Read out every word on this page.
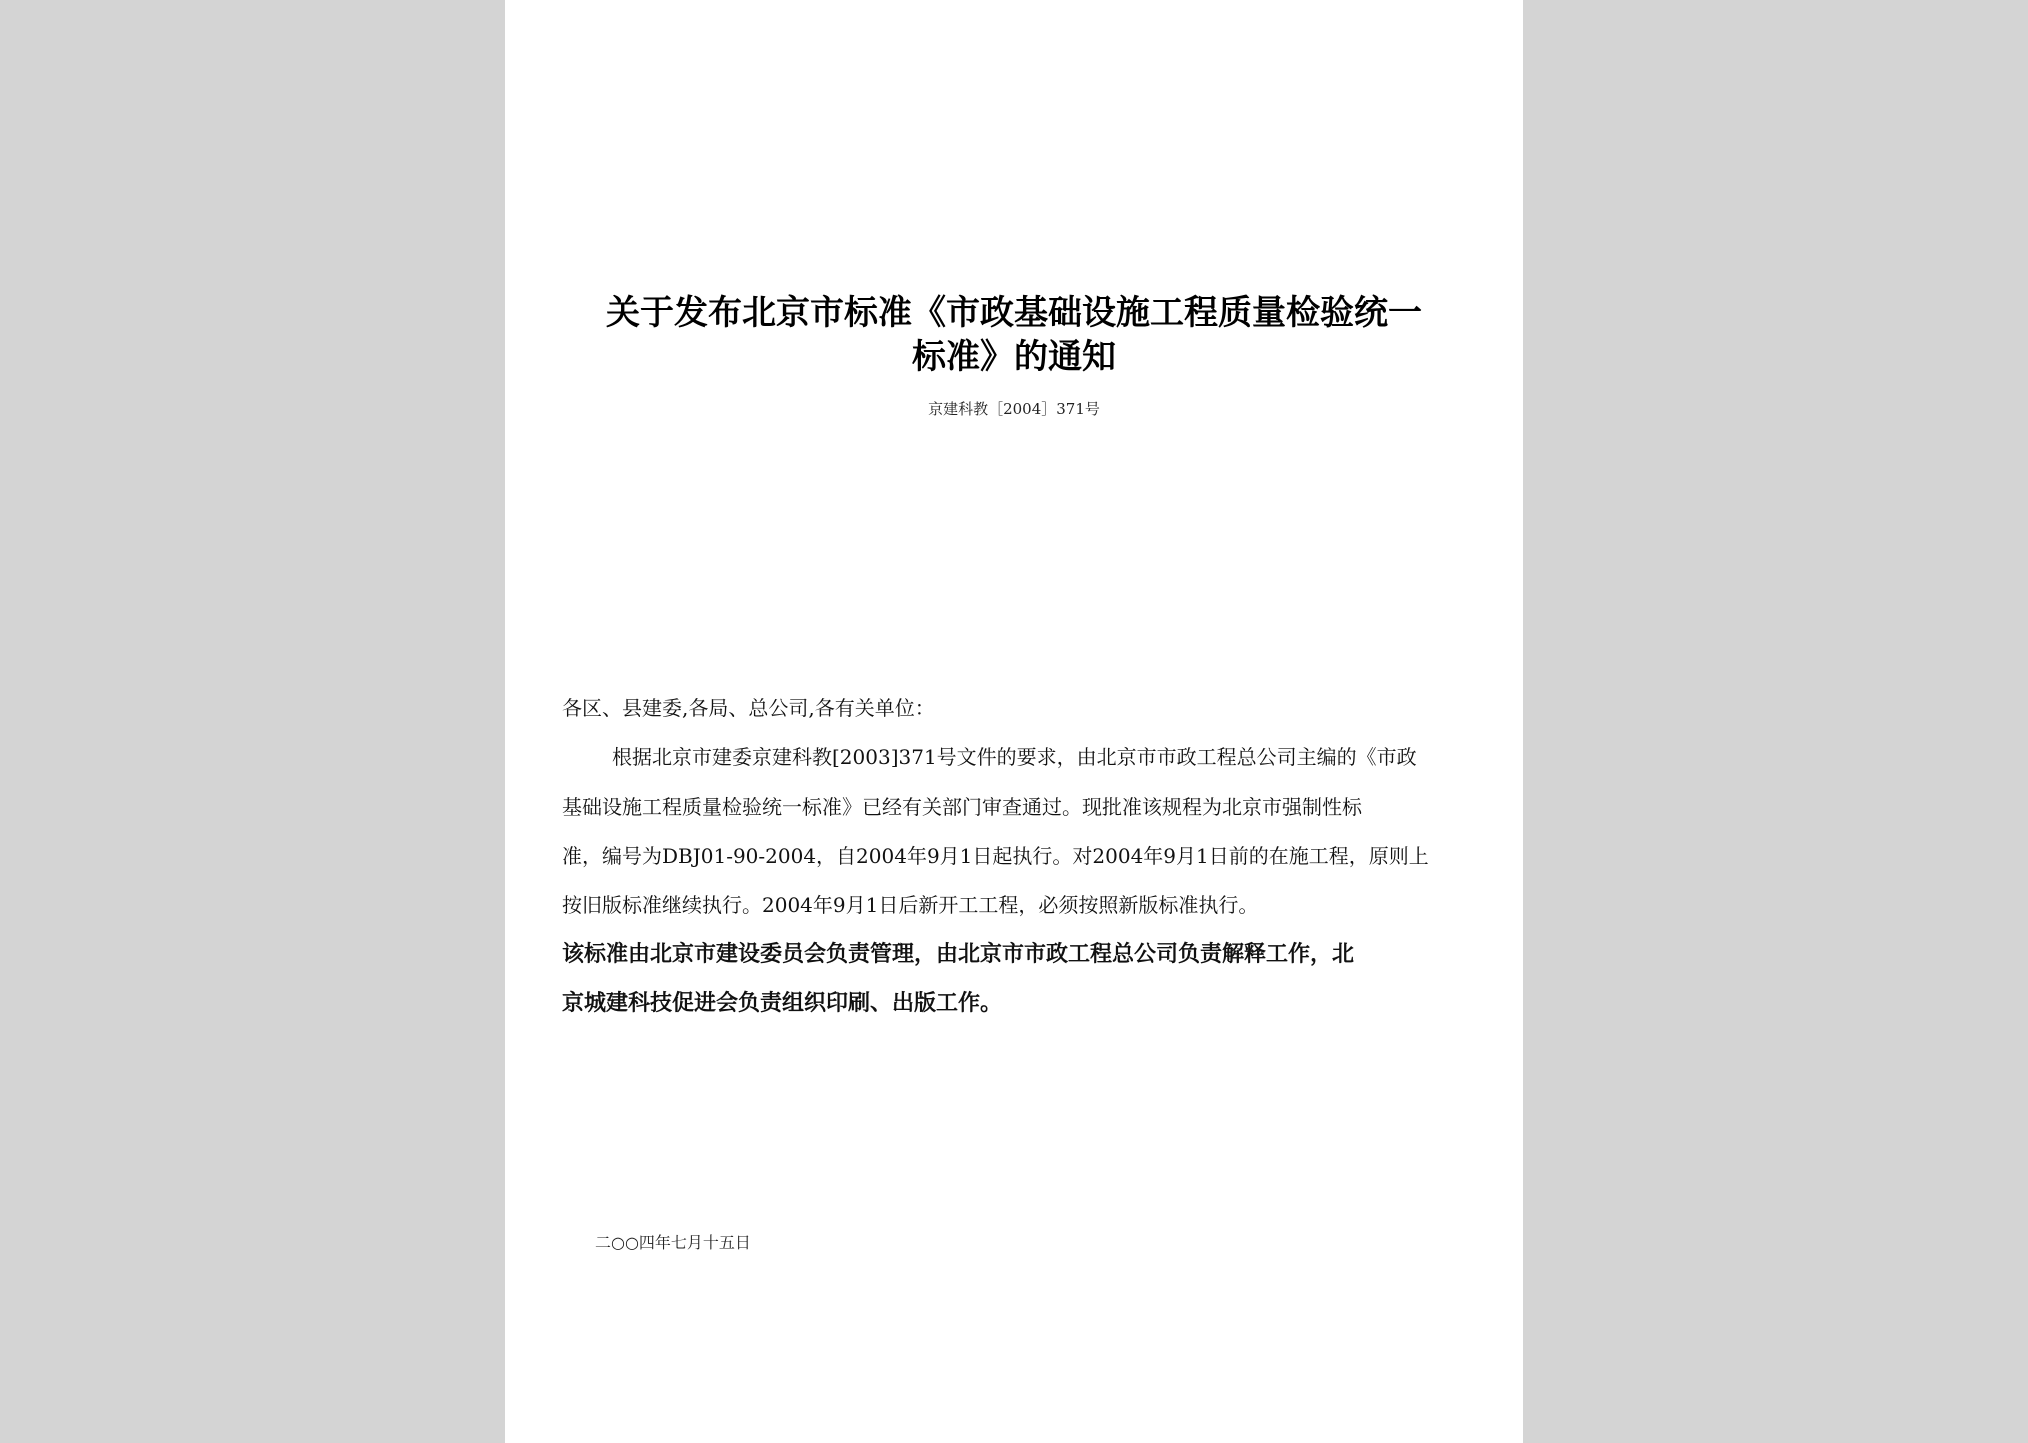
关于发布北京市标准《市政基础设施工程质量检验统一
标准》的通知
京建科教［2004］371号
各区、县建委,各局、总公司,各有关单位：
根据北京市建委京建科教[2003]371号文件的要求，由北京市市政工程总公司主编的《市政
基础设施工程质量检验统一标准》已经有关部门审查通过。现批准该规程为北京市强制性标
准，编号为DBJ01-90-2004，自2004年9月1日起执行。对2004年9月1日前的在施工程，原则上
按旧版标准继续执行。2004年9月1日后新开工工程，必须按照新版标准执行。
该标准由北京市建设委员会负责管理，由北京市市政工程总公司负责解释工作，北
京城建科技促进会负责组织印刷、出版工作。
二○○四年七月十五日
